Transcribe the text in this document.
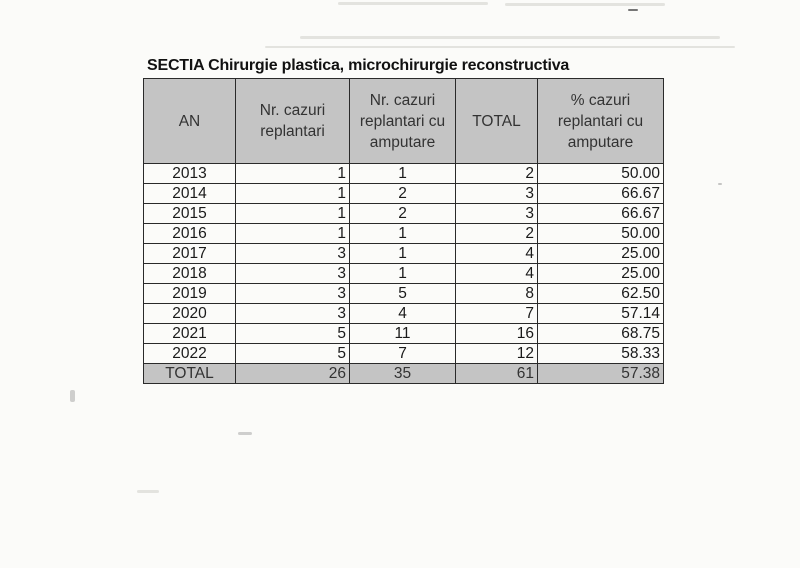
SECTIA Chirurgie plastica, microchirurgie reconstructiva
AN	Nr. cazuri replantari	Nr. cazuri replantari cu amputare	TOTAL	% cazuri replantari cu amputare
2013	1	1	2	50.00
2014	1	2	3	66.67
2015	1	2	3	66.67
2016	1	1	2	50.00
2017	3	1	4	25.00
2018	3	1	4	25.00
2019	3	5	8	62.50
2020	3	4	7	57.14
2021	5	11	16	68.75
2022	5	7	12	58.33
TOTAL	26	35	61	57.38
